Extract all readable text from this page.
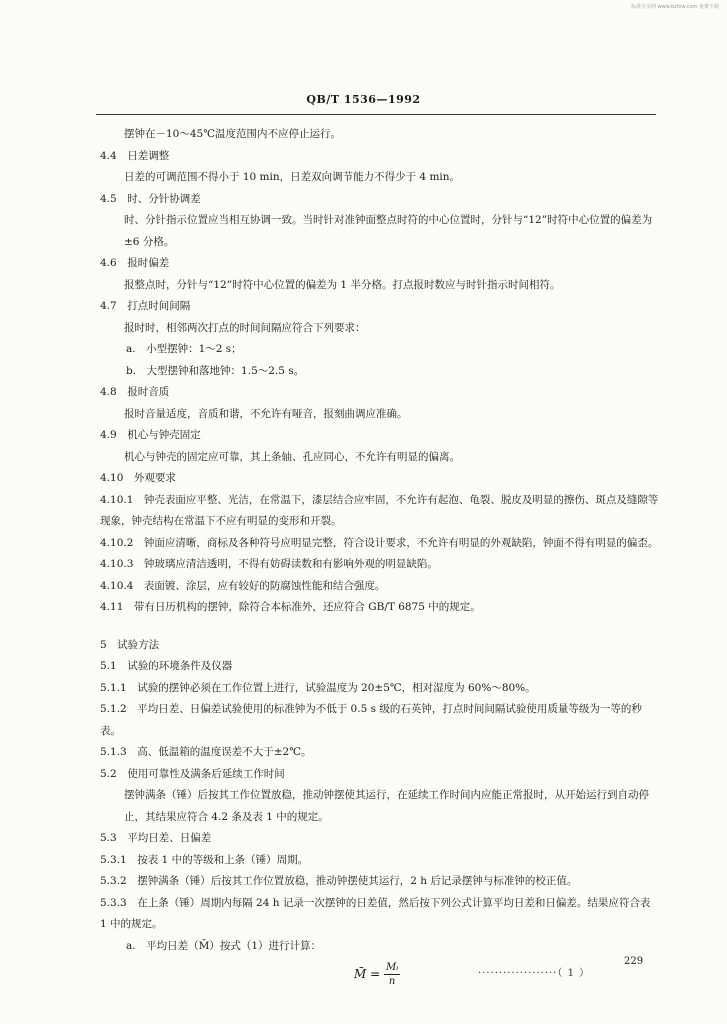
标准分享网 www.bzfxw.com 免费下载
QB/T 1536—1992
摆钟在－10～45℃温度范围内不应停止运行。
4.4　日差调整
日差的可调范围不得小于 10 min，日差双向调节能力不得少于 4 min。
4.5　时、分针协调差
时、分针指示位置应当相互协调一致。当时针对准钟面整点时符的中心位置时，分针与“12”时符中心位置的偏差为±6 分格。
4.6　报时偏差
报整点时，分针与“12”时符中心位置的偏差为 1 半分格。打点报时数应与时针指示时间相符。
4.7　打点时间间隔
报时时，相邻两次打点的时间间隔应符合下列要求：
a.　小型摆钟：1～2 s；
b.　大型摆钟和落地钟：1.5～2.5 s。
4.8　报时音质
报时音量适度，音质和谐，不允许有哑音，报刻曲调应准确。
4.9　机心与钟壳固定
机心与钟壳的固定应可靠，其上条轴、孔应同心，不允许有明显的偏离。
4.10　外观要求
4.10.1　钟壳表面应平整、光洁，在常温下，漆层结合应牢固，不允许有起泡、龟裂、脱皮及明显的擦伤、斑点及缝隙等现象，钟壳结构在常温下不应有明显的变形和开裂。
4.10.2　钟面应清晰，商标及各种符号应明显完整，符合设计要求，不允许有明显的外观缺陷，钟面不得有明显的偏歪。
4.10.3　钟玻璃应清洁透明，不得有妨碍读数和有影响外观的明显缺陷。
4.10.4　表面镀、涂层，应有较好的防腐蚀性能和结合强度。
4.11　带有日历机构的摆钟，除符合本标准外，还应符合 GB/T 6875 中的规定。
5　试验方法
5.1　试验的环境条件及仪器
5.1.1　试验的摆钟必须在工作位置上进行，试验温度为 20±5℃，相对湿度为 60%～80%。
5.1.2　平均日差、日偏差试验使用的标准钟为不低于 0.5 s 级的石英钟，打点时间间隔试验使用质量等级为一等的秒表。
5.1.3　高、低温箱的温度误差不大于±2℃。
5.2　使用可靠性及满条后延续工作时间
摆钟满条（锤）后按其工作位置放稳，推动钟摆使其运行，在延续工作时间内应能正常报时，从开始运行到自动停止，其结果应符合 4.2 条及表 1 中的规定。
5.3　平均日差、日偏差
5.3.1　按表 1 中的等级和上条（锤）周期。
5.3.2　摆钟满条（锤）后按其工作位置放稳，推动钟摆使其运行，2 h 后记录摆钟与标准钟的校正值。
5.3.3　在上条（锤）周期内每隔 24 h 记录一次摆钟的日差值，然后按下列公式计算平均日差和日偏差。结果应符合表 1 中的规定。
a.　平均日差（M̄）按式（1）进行计算：
M̄ = $\frac{\text{Mᵢ}}{n}$	···················（ 1 ）
229
